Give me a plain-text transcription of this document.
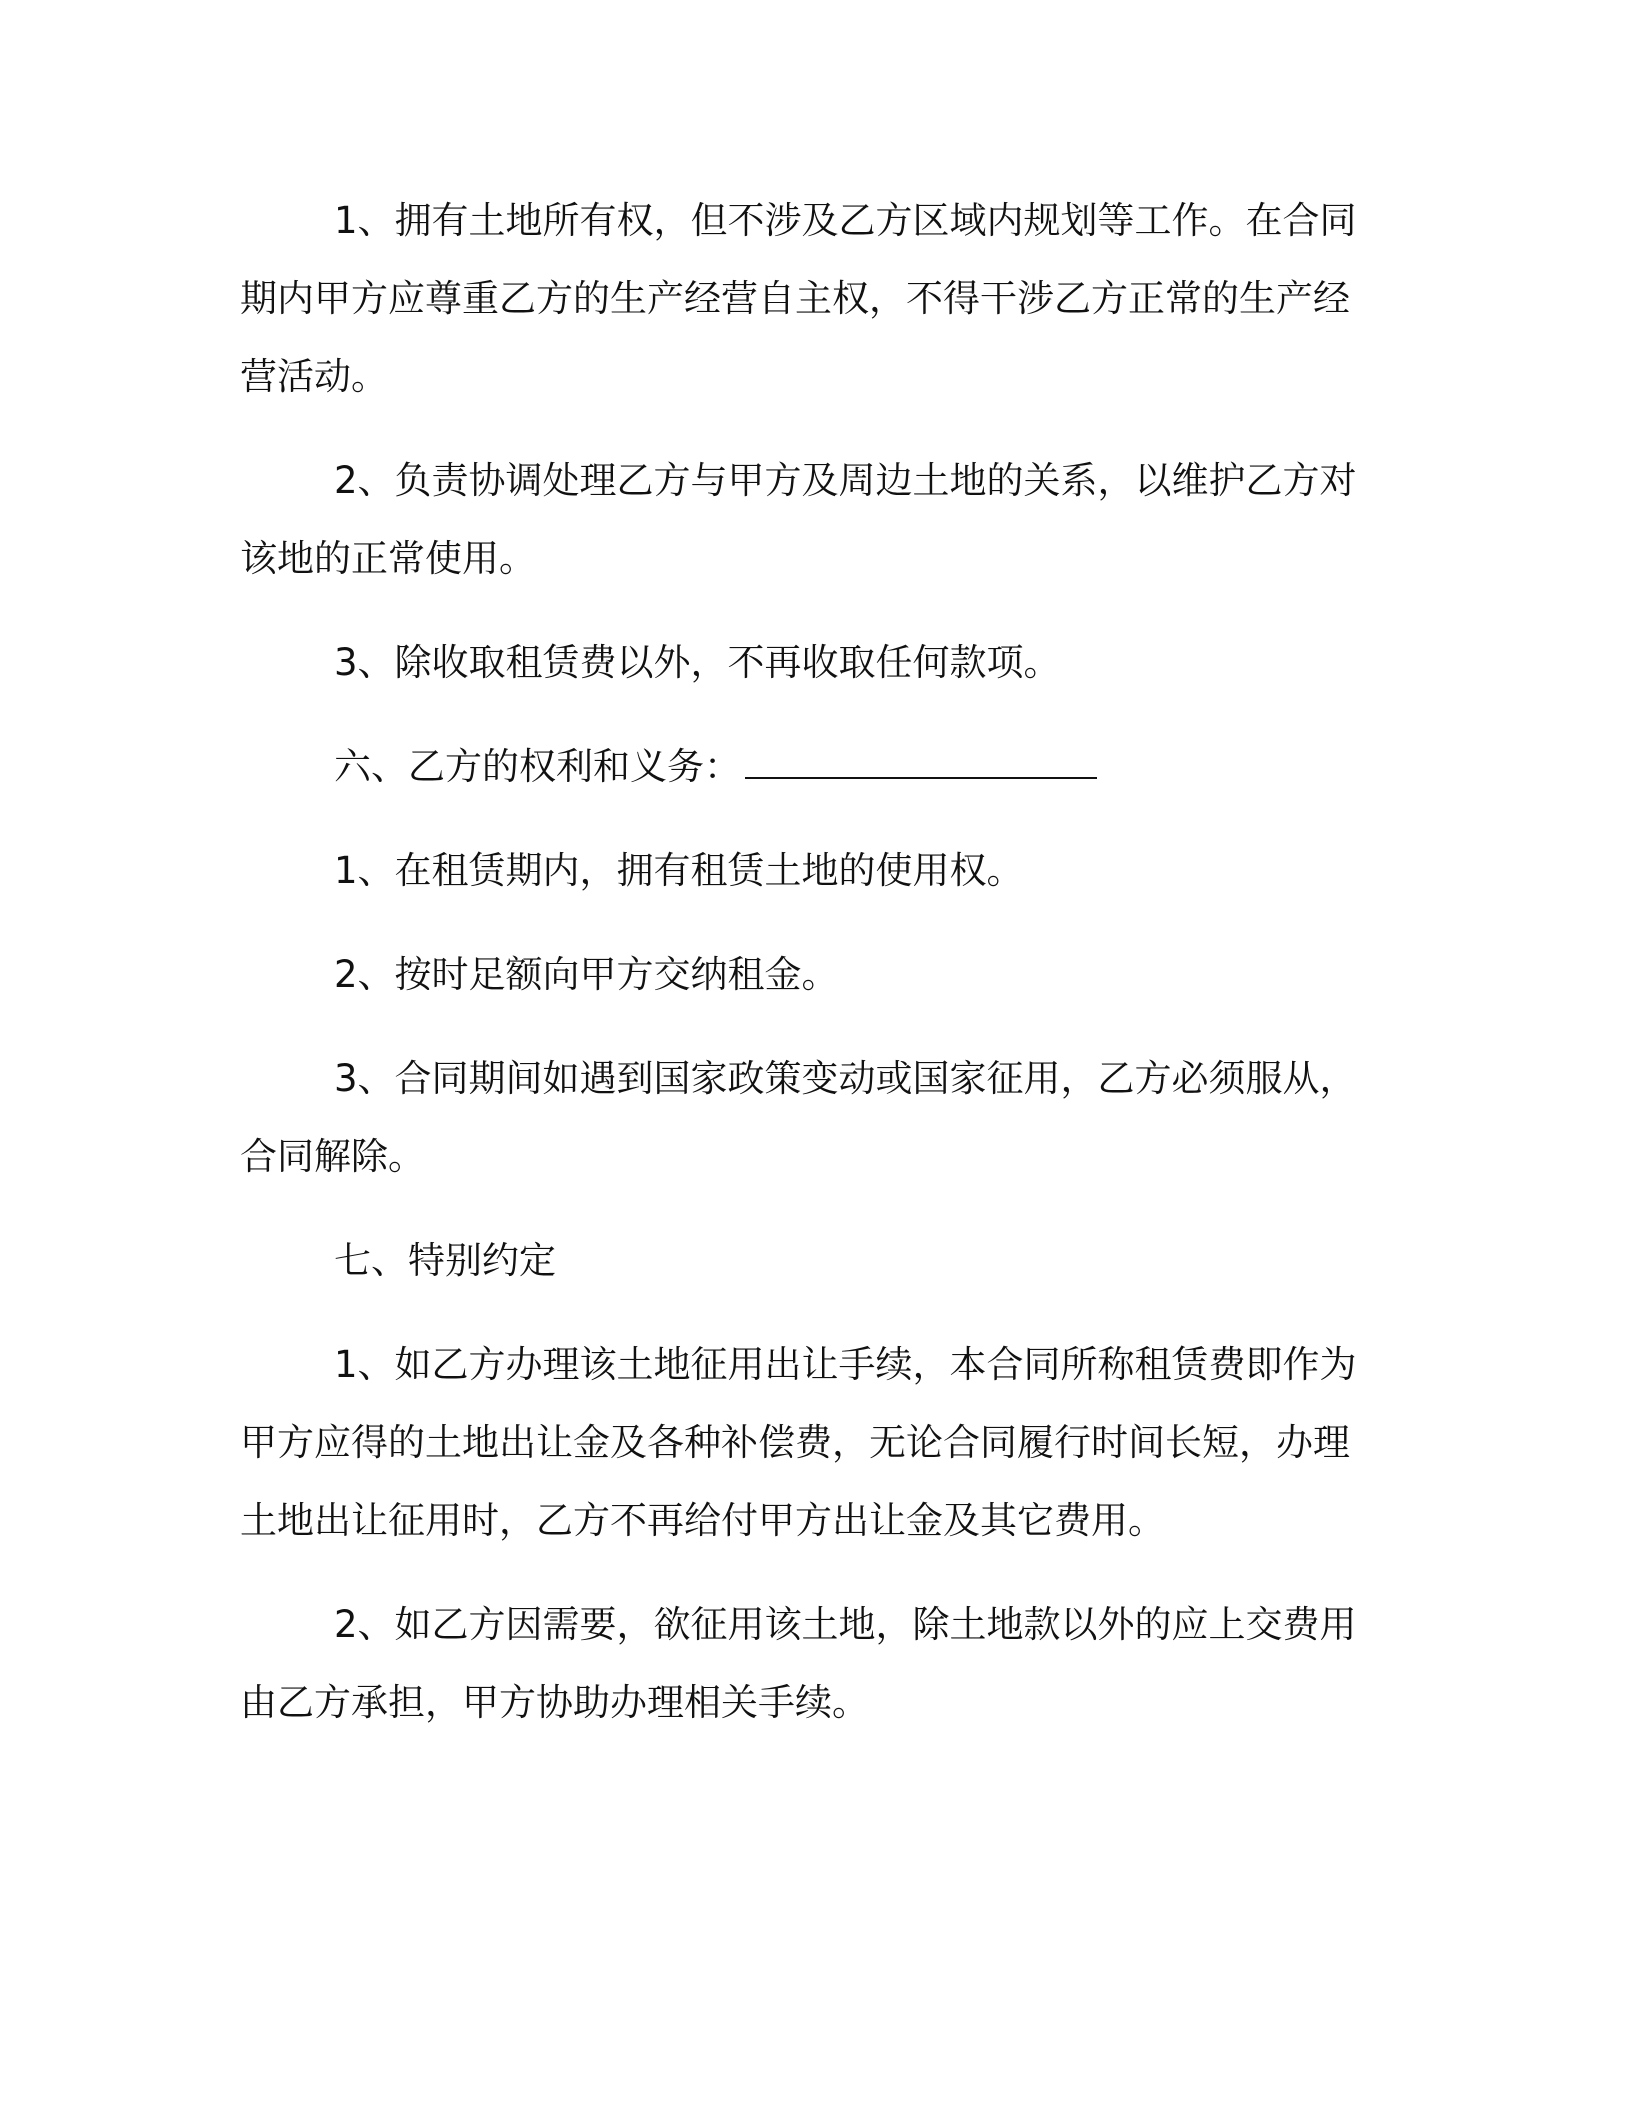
1、拥有土地所有权，但不涉及乙方区域内规划等工作。在合同期内甲方应尊重乙方的生产经营自主权，不得干涉乙方正常的生产经营活动。

2、负责协调处理乙方与甲方及周边土地的关系，以维护乙方对该地的正常使用。

3、除收取租赁费以外，不再收取任何款项。

六、乙方的权利和义务：

1、在租赁期内，拥有租赁土地的使用权。

2、按时足额向甲方交纳租金。

3、合同期间如遇到国家政策变动或国家征用，乙方必须服从，合同解除。

七、特别约定

1、如乙方办理该土地征用出让手续，本合同所称租赁费即作为甲方应得的土地出让金及各种补偿费，无论合同履行时间长短，办理土地出让征用时，乙方不再给付甲方出让金及其它费用。

2、如乙方因需要，欲征用该土地，除土地款以外的应上交费用由乙方承担，甲方协助办理相关手续。
